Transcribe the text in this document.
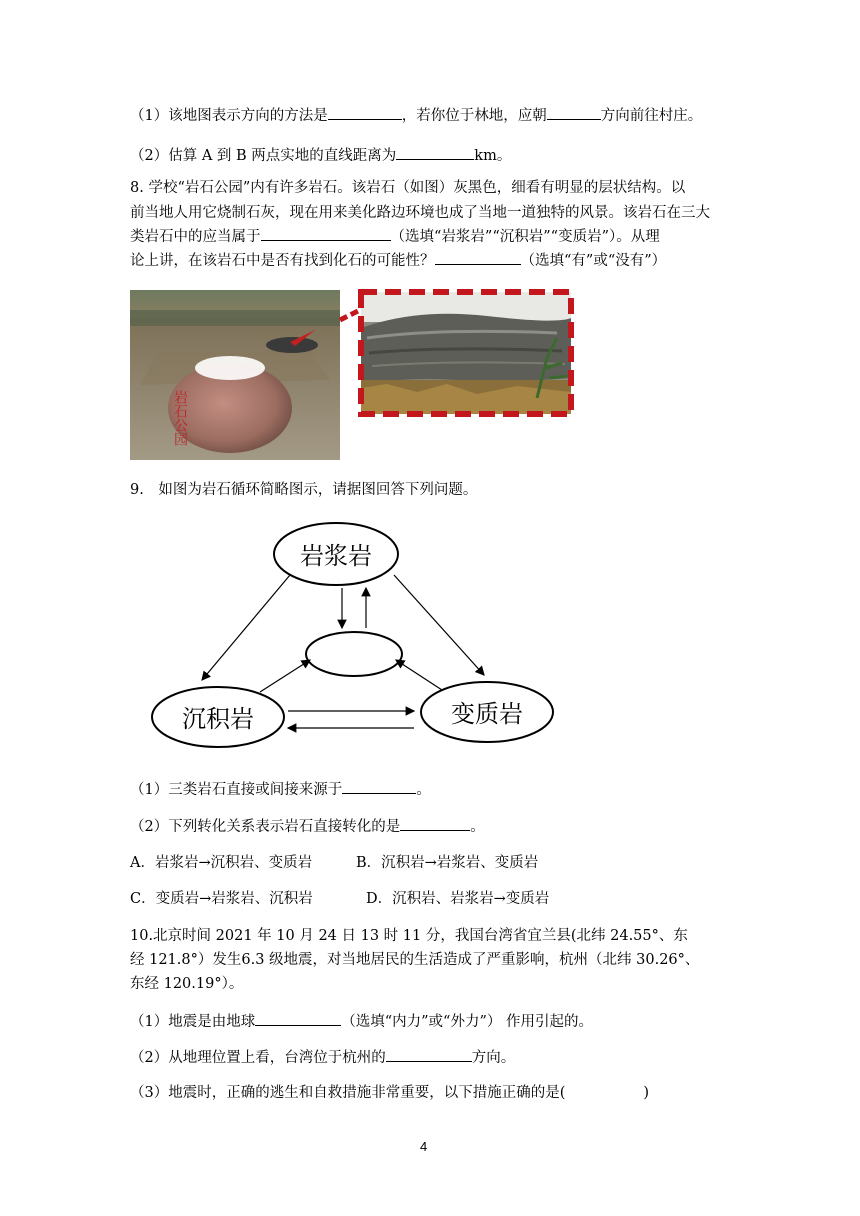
（1）该地图表示方向的方法是	，若你位于林地，应朝	方向前往村庄。
（2）估算 A 到 B 两点实地的直线距离为	km。
8. 学校“岩石公园”内有许多岩石。该岩石（如图）灰黑色，细看有明显的层状结构。以
前当地人用它烧制石灰，现在用来美化路边环境也成了当地一道独特的风景。该岩石在三大
类岩石中的应当属于	（选填“岩浆岩”“沉积岩”“变质岩”）。从理
论上讲，在该岩石中是否有找到化石的可能性？	（选填“有”或“没有”）
岩石公园
9.　如图为岩石循环简略图示，请据图回答下列问题。
岩浆岩
沉积岩	变质岩
（1）三类岩石直接或间接来源于	。
（2）下列转化关系表示岩石直接转化的是	。
A．岩浆岩→沉积岩、变质岩	B．沉积岩→岩浆岩、变质岩
C．变质岩→岩浆岩、沉积岩	D．沉积岩、岩浆岩→变质岩
10.北京时间 2021 年 10 月 24 日 13 时 11 分，我国台湾省宜兰县(北纬 24.55°、东
经 121.8°）发生6.3 级地震，对当地居民的生活造成了严重影响，杭州（北纬 30.26°、
东经 120.19°）。
（1）地震是由地球	（选填“内力”或“外力”） 作用引起的。
（2）从地理位置上看，台湾位于杭州的	方向。
（3）地震时，正确的逃生和自救措施非常重要，以下措施正确的是(	)
4
